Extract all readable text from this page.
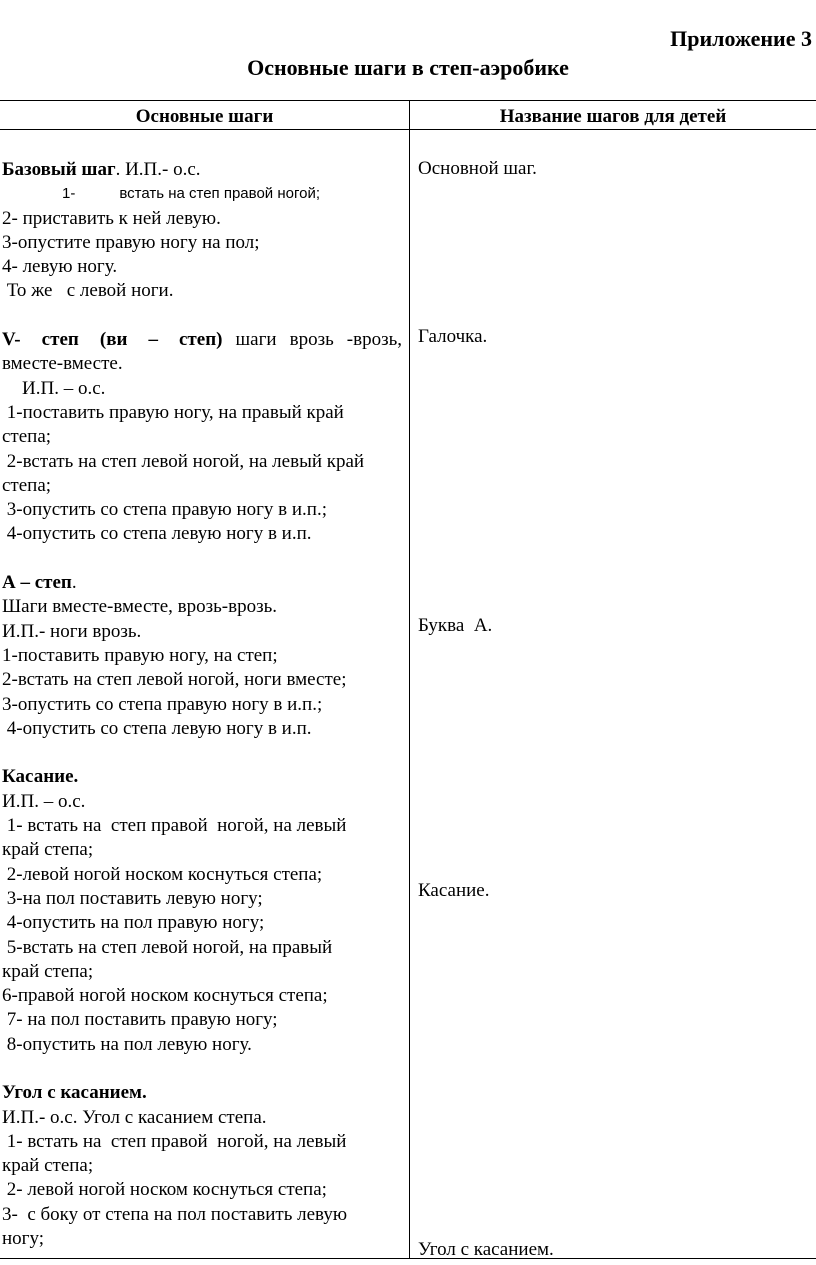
Приложение 3
Основные шаги в степ-аэробике
Основные шаги	Название шагов для детей
Базовый шаг. И.П.- о.с.
1-	встать на степ правой ногой;
2- приставить к ней левую.
3-опустите правую ногу на пол;
4- левую ногу.
То же   с левой ноги.
V- степ (ви – степ) шаги врозь -врозь,
вместе-вместе.
И.П. – о.с.
1-поставить правую ногу, на правый край
степа;
2-встать на степ левой ногой, на левый край
степа;
3-опустить со степа правую ногу в и.п.;
4-опустить со степа левую ногу в и.п.
А – степ.
Шаги вместе-вместе, врозь-врозь.
И.П.- ноги врозь.
1-поставить правую ногу, на степ;
2-встать на степ левой ногой, ноги вместе;
3-опустить со степа правую ногу в и.п.;
4-опустить со степа левую ногу в и.п.
Касание.
И.П. – о.с.
1- встать на  степ правой  ногой, на левый
край степа;
2-левой ногой носком коснуться степа;
3-на пол поставить левую ногу;
4-опустить на пол правую ногу;
5-встать на степ левой ногой, на правый
край степа;
6-правой ногой носком коснуться степа;
7- на пол поставить правую ногу;
8-опустить на пол левую ногу.
Угол с касанием.
И.П.- о.с. Угол с касанием степа.
1- встать на  степ правой  ногой, на левый
край степа;
2- левой ногой носком коснуться степа;
3-  с боку от степа на пол поставить левую
ногу;
Основной шаг.
Галочка.
Буква  А.
Касание.
Угол с касанием.
